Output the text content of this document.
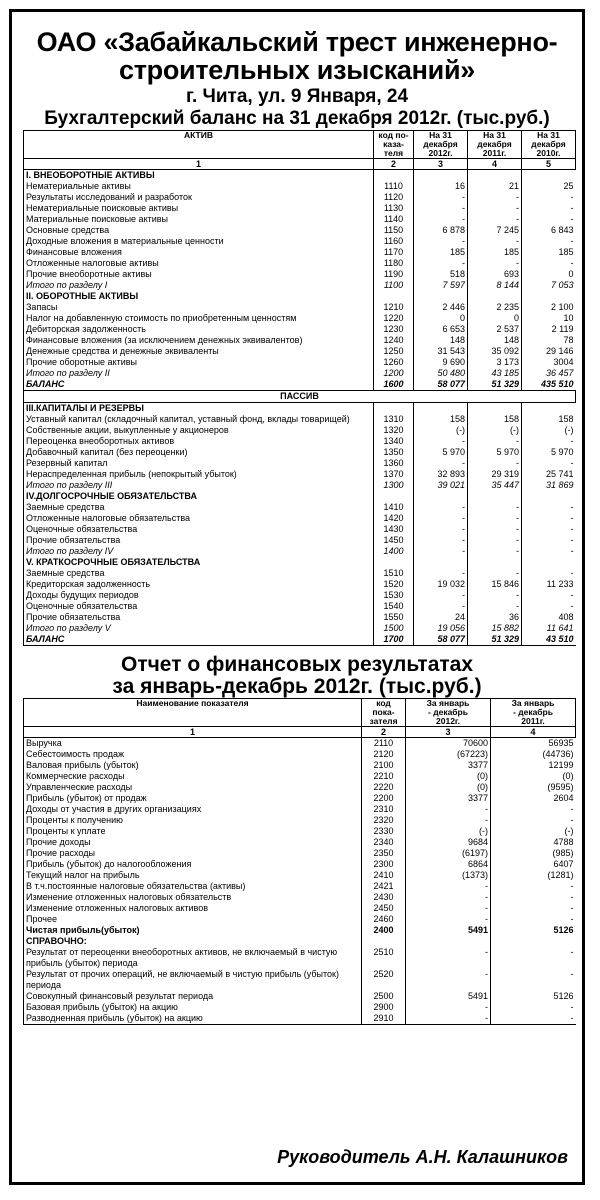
ОАО «Забайкальский трест инженерно-
строительных изысканий»
г. Чита, ул. 9 Января, 24
Бухгалтерский баланс на 31 декабря 2012г. (тыс.руб.)
АКТИВ	код по-
каза-
теля	На 31
декабря
2012г.	На 31
декабря
2011г.	На 31
декабря
2010г.
1	2	3	4	5
I. ВНЕОБОРОТНЫЕ АКТИВЫ				
Нематериальные активы	1110	16	21	25
Результаты исследований и разработок	1120	-	-	-
Нематериальные поисковые активы	1130	-	-	-
Материальные поисковые активы	1140	-	-	-
Основные средства	1150	6 878	7 245	6 843
Доходные вложения в материальные ценности	1160	-	-	-
Финансовые вложения	1170	185	185	185
Отложенные налоговые активы	1180	-	-	-
Прочие внеоборотные активы	1190	518	693	0
Итого по разделу I	1100	7 597	8 144	7 053
II. ОБОРОТНЫЕ АКТИВЫ				
Запасы	1210	2 446	2 235	2 100
Налог на добавленную стоимость по приобретенным ценностям	1220	0	0	10
Дебиторская задолженность	1230	6 653	2 537	2 119
Финансовые вложения (за исключением денежных эквивалентов)	1240	148	148	78
Денежные средства и денежные эквиваленты	1250	31 543	35 092	29 146
Прочие оборотные активы	1260	9 690	3 173	3004
Итого по разделу II	1200	50 480	43 185	36 457
БАЛАНС	1600	58 077	51 329	435 510
ПАССИВ				
III.КАПИТАЛЫ И РЕЗЕРВЫ				
Уставный капитал (складочный капитал, уставный фонд, вклады товарищей)	1310	158	158	158
Собственные акции, выкупленные у акционеров	1320	(-)	(-)	(-)
Переоценка внеоборотных активов	1340	-	-	-
Добавочный капитал (без переоценки)	1350	5 970	5 970	5 970
Резервный капитал	1360	-	-	-
Нераспределенная прибыль (непокрытый убыток)	1370	32 893	29 319	25 741
Итого по разделу III	1300	39 021	35 447	31 869
IV.ДОЛГОСРОЧНЫЕ ОБЯЗАТЕЛЬСТВА				
Заемные средства	1410	-	-	-
Отложенные налоговые обязательства	1420	-	-	-
Оценочные обязательства	1430	-	-	-
Прочие обязательства	1450	-	-	-
Итого по разделу IV	1400	-	-	-
V. КРАТКОСРОЧНЫЕ ОБЯЗАТЕЛЬСТВА				
Заемные средства	1510	-	-	-
Кредиторская задолженность	1520	19 032	15 846	11 233
Доходы будущих периодов	1530	-	-	-
Оценочные обязательства	1540	-	-	-
Прочие обязательства	1550	24	36	408
Итого по разделу V	1500	19 056	15 882	11 641
БАЛАНС	1700	58 077	51 329	43 510
Отчет о финансовых результатах
за январь-декабрь 2012г. (тыс.руб.)
Наименование показателя	код пока-
зателя	За январь
- декабрь
2012г.	За январь
- декабрь
2011г.
1	2	3	4
Выручка	2110	70600	56935
Себестоимость продаж	2120	(67223)	(44736)
Валовая прибыль (убыток)	2100	3377	12199
Коммерческие расходы	2210	(0)	(0)
Управленческие расходы	2220	(0)	(9595)
Прибыль (убыток) от продаж	2200	3377	2604
Доходы от участия в других организациях	2310	-	-
Проценты к получению	2320	-	-
Проценты к уплате	2330	(-)	(-)
Прочие доходы	2340	9684	4788
Прочие расходы	2350	(6197)	(985)
Прибыль (убыток) до налогообложения	2300	6864	6407
Текущий налог на прибыль	2410	(1373)	(1281)
В т.ч.постоянные налоговые обязательства (активы)	2421	-	-
Изменение отложенных налоговых обязательств	2430	-	-
Изменение отложенных налоговых активов	2450	-	-
Прочее	2460	-	-
Чистая прибыль(убыток)	2400	5491	5126
СПРАВОЧНО:			
Результат от переоценки внеоборотных активов, не включаемый в чистую прибыль (убыток) периода	2510	-	-
Результат от прочих операций, не включаемый в чистую прибыль (убыток) периода	2520	-	-
Совокупный финансовый результат периода	2500	5491	5126
Базовая прибыль (убыток) на акцию	2900	-	-
Разводненная прибыль (убыток) на акцию	2910	-	-
Руководитель А.Н. Калашников
